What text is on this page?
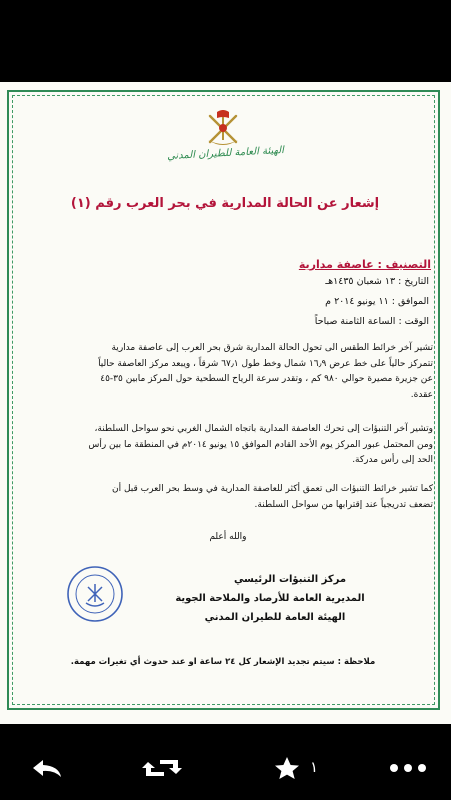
الهيئة العامة للطيران المدني
إشعار عن الحالة المدارية في بحر العرب رقم (١)
التصنيف : عاصفة مدارية
التاريخ : ١٣ شعبان ١٤٣٥هـ
الموافق : ١١ يونيو ٢٠١٤ م
الوقت : الساعة الثامنة صباحاً
تشير آخر خرائط الطقس الى تحول الحالة المدارية شرق بحر العرب إلى عاصفة مدارية
تتمركز حالياً على خط عرض ١٦٫٩ شمال وخط طول ٦٧٫١ شرقاً ، ويبعد مركز العاصفة حالياً
عن جزيرة مصيرة حوالي ٩٨٠ كم ، وتقدر سرعة الرياح السطحية حول المركز مابين ٣٥-٤٥
عقدة.
وتشير آخر التنبؤات إلى تحرك العاصفة المدارية باتجاه الشمال الغربي نحو سواحل السلطنة،
ومن المحتمل عبور المركز يوم الأحد القادم الموافق ١٥ يونيو ٢٠١٤م في المنطقة ما بين رأس
الحد إلى رأس مدركة.
كما تشير خرائط التنبؤات الى تعمق أكثر للعاصفة المدارية في وسط بحر العرب قبل أن
تضعف تدريجياً عند إقترابها من سواحل السلطنة.
والله أعلم
مركز التنبؤات الرئيسي
المديرية العامة للأرصاد والملاحة الجوية
الهيئة العامة للطيران المدني
ملاحظة : سيتم تجديد الإشعار كل ٢٤ ساعة او عند حدوث أي تغيرات مهمة.
١
